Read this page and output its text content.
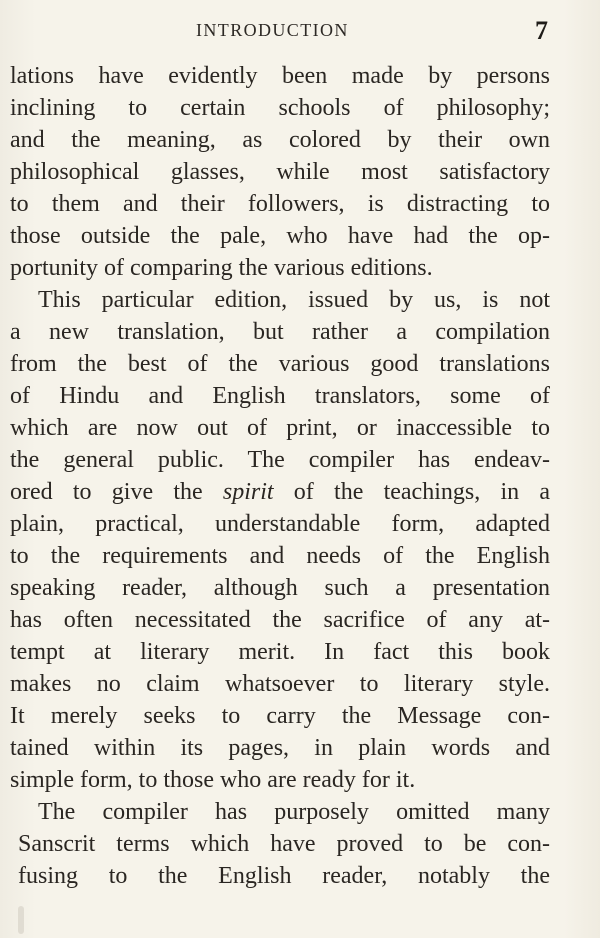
INTRODUCTION	7
lations have evidently been made by persons
inclining to certain schools of philosophy;
and the meaning, as colored by their own
philosophical glasses, while most satisfactory
to them and their followers, is distracting to
those outside the pale, who have had the op-
portunity of comparing the various editions.
This particular edition, issued by us, is not
a new translation, but rather a compilation
from the best of the various good translations
of Hindu and English translators, some of
which are now out of print, or inaccessible to
the general public. The compiler has endeav-
ored to give the spirit of the teachings, in a
plain, practical, understandable form, adapted
to the requirements and needs of the English
speaking reader, although such a presentation
has often necessitated the sacrifice of any at-
tempt at literary merit. In fact this book
makes no claim whatsoever to literary style.
It merely seeks to carry the Message con-
tained within its pages, in plain words and
simple form, to those who are ready for it.
The compiler has purposely omitted many
Sanscrit terms which have proved to be con-
fusing to the English reader, notably the
